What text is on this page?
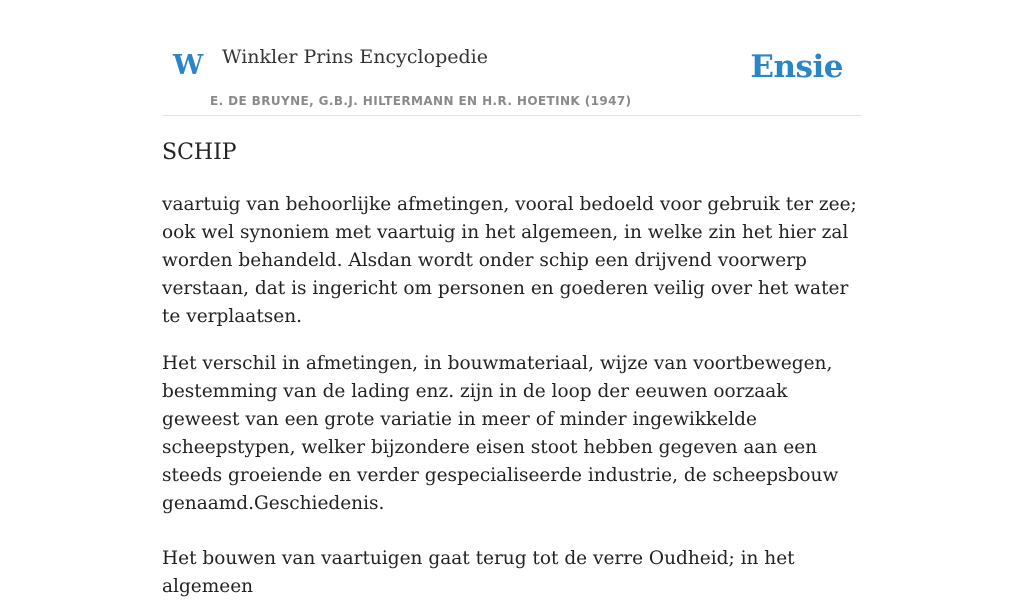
W Winkler Prins Encyclopedie	Ensie
E. DE BRUYNE, G.B.J. HILTERMANN EN H.R. HOETINK (1947)
SCHIP

vaartuig van behoorlijke afmetingen, vooral bedoeld voor gebruik ter zee; ook wel synoniem met vaartuig in het algemeen, in welke zin het hier zal worden behandeld. Alsdan wordt onder schip een drijvend voorwerp verstaan, dat is ingericht om personen en goederen veilig over het water te verplaatsen.

Het verschil in afmetingen, in bouwmateriaal, wijze van voortbewegen, bestemming van de lading enz. zijn in de loop der eeuwen oorzaak geweest van een grote variatie in meer of minder ingewikkelde scheepstypen, welker bijzondere eisen stoot hebben gegeven aan een steeds groeiende en verder gespecialiseerde industrie, de scheepsbouw genaamd.Geschiedenis.

Het bouwen van vaartuigen gaat terug tot de verre Oudheid; in het algemeen
